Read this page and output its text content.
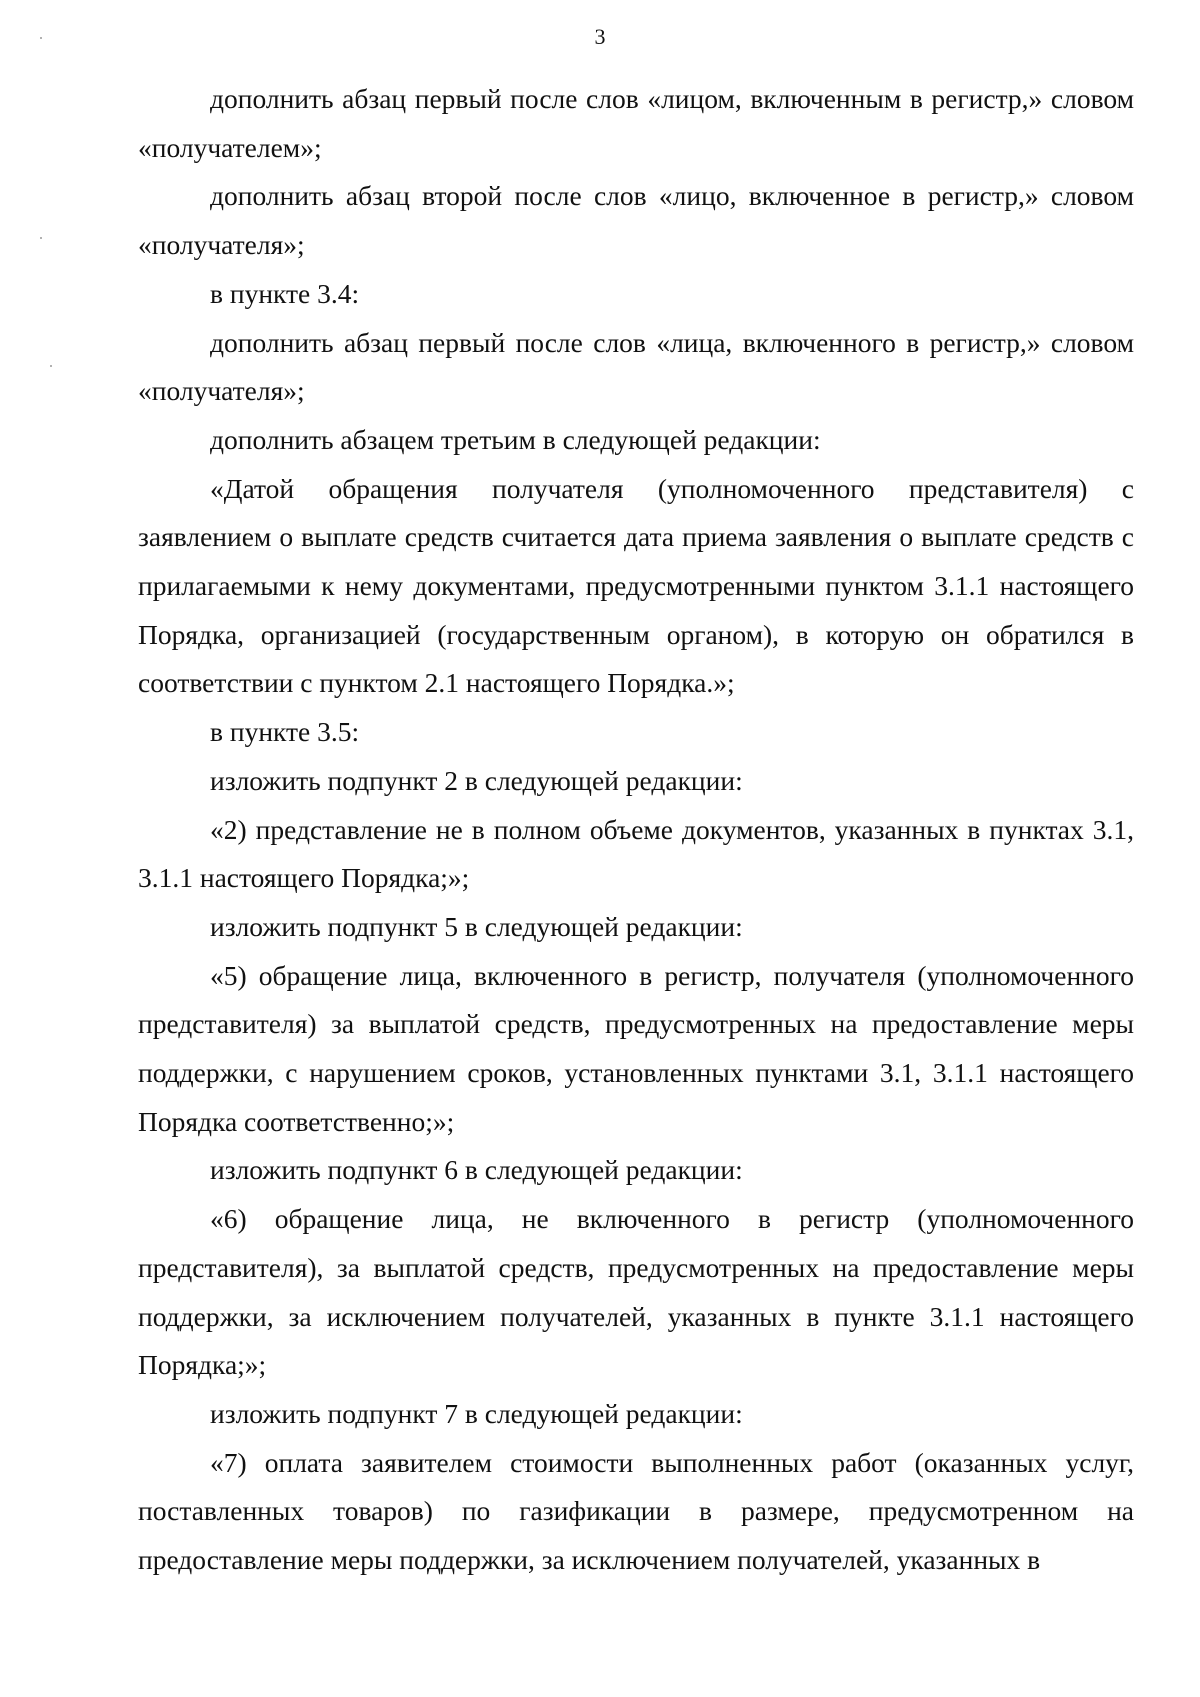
3

дополнить абзац первый после слов «лицом, включенным в регистр,» словом «получателем»;

дополнить абзац второй после слов «лицо, включенное в регистр,» словом «получателя»;

в пункте 3.4:

дополнить абзац первый после слов «лица, включенного в регистр,» словом «получателя»;

дополнить абзацем третьим в следующей редакции:

«Датой обращения получателя (уполномоченного представителя) с заявлением о выплате средств считается дата приема заявления о выплате средств с прилагаемыми к нему документами, предусмотренными пунктом 3.1.1 настоящего Порядка, организацией (государственным органом), в которую он обратился в соответствии с пунктом 2.1 настоящего Порядка.»;

в пункте 3.5:

изложить подпункт 2 в следующей редакции:

«2) представление не в полном объеме документов, указанных в пунктах 3.1, 3.1.1 настоящего Порядка;»;

изложить подпункт 5 в следующей редакции:

«5) обращение лица, включенного в регистр, получателя (уполномоченного представителя) за выплатой средств, предусмотренных на предоставление меры поддержки, с нарушением сроков, установленных пунктами 3.1, 3.1.1 настоящего Порядка соответственно;»;

изложить подпункт 6 в следующей редакции:

«6) обращение лица, не включенного в регистр (уполномоченного представителя), за выплатой средств, предусмотренных на предоставление меры поддержки, за исключением получателей, указанных в пункте 3.1.1 настоящего Порядка;»;

изложить подпункт 7 в следующей редакции:

«7) оплата заявителем стоимости выполненных работ (оказанных услуг, поставленных товаров) по газификации в размере, предусмотренном на предоставление меры поддержки, за исключением получателей, указанных в
